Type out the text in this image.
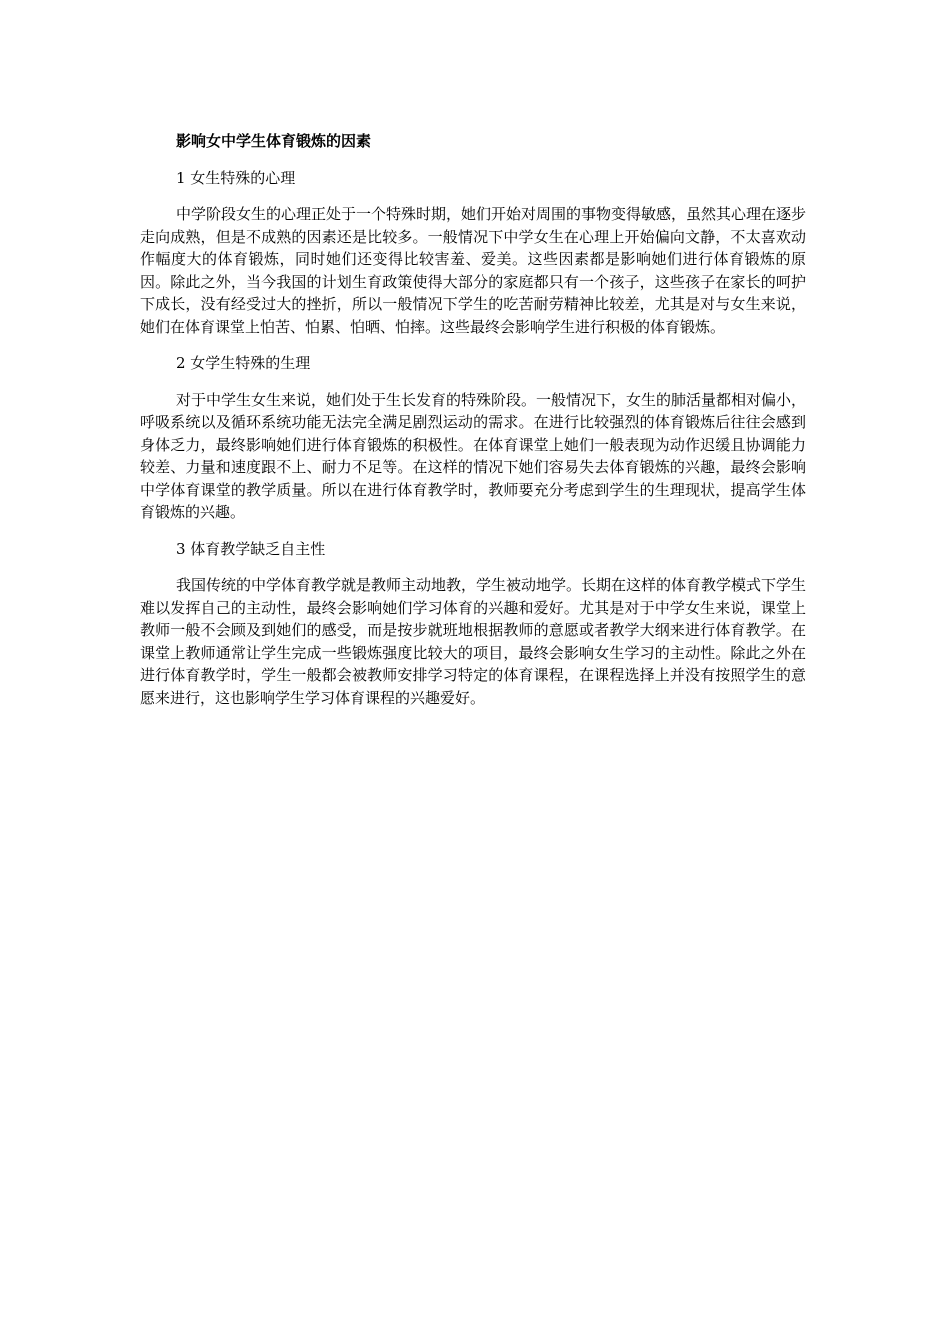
影响女中学生体育锻炼的因素
1 女生特殊的心理
中学阶段女生的心理正处于一个特殊时期，她们开始对周围的事物变得敏感，虽然其心理在逐步走向成熟，但是不成熟的因素还是比较多。一般情况下中学女生在心理上开始偏向文静，不太喜欢动作幅度大的体育锻炼，同时她们还变得比较害羞、爱美。这些因素都是影响她们进行体育锻炼的原因。除此之外，当今我国的计划生育政策使得大部分的家庭都只有一个孩子，这些孩子在家长的呵护下成长，没有经受过大的挫折，所以一般情况下学生的吃苦耐劳精神比较差，尤其是对与女生来说，她们在体育课堂上怕苦、怕累、怕晒、怕摔。这些最终会影响学生进行积极的体育锻炼。
2 女学生特殊的生理
对于中学生女生来说，她们处于生长发育的特殊阶段。一般情况下，女生的肺活量都相对偏小，呼吸系统以及循环系统功能无法完全满足剧烈运动的需求。在进行比较强烈的体育锻炼后往往会感到身体乏力，最终影响她们进行体育锻炼的积极性。在体育课堂上她们一般表现为动作迟缓且协调能力较差、力量和速度跟不上、耐力不足等。在这样的情况下她们容易失去体育锻炼的兴趣，最终会影响中学体育课堂的教学质量。所以在进行体育教学时，教师要充分考虑到学生的生理现状，提高学生体育锻炼的兴趣。
3 体育教学缺乏自主性
我国传统的中学体育教学就是教师主动地教，学生被动地学。长期在这样的体育教学模式下学生难以发挥自己的主动性，最终会影响她们学习体育的兴趣和爱好。尤其是对于中学女生来说，课堂上教师一般不会顾及到她们的感受，而是按步就班地根据教师的意愿或者教学大纲来进行体育教学。在课堂上教师通常让学生完成一些锻炼强度比较大的项目，最终会影响女生学习的主动性。除此之外在进行体育教学时，学生一般都会被教师安排学习特定的体育课程，在课程选择上并没有按照学生的意愿来进行，这也影响学生学习体育课程的兴趣爱好。
